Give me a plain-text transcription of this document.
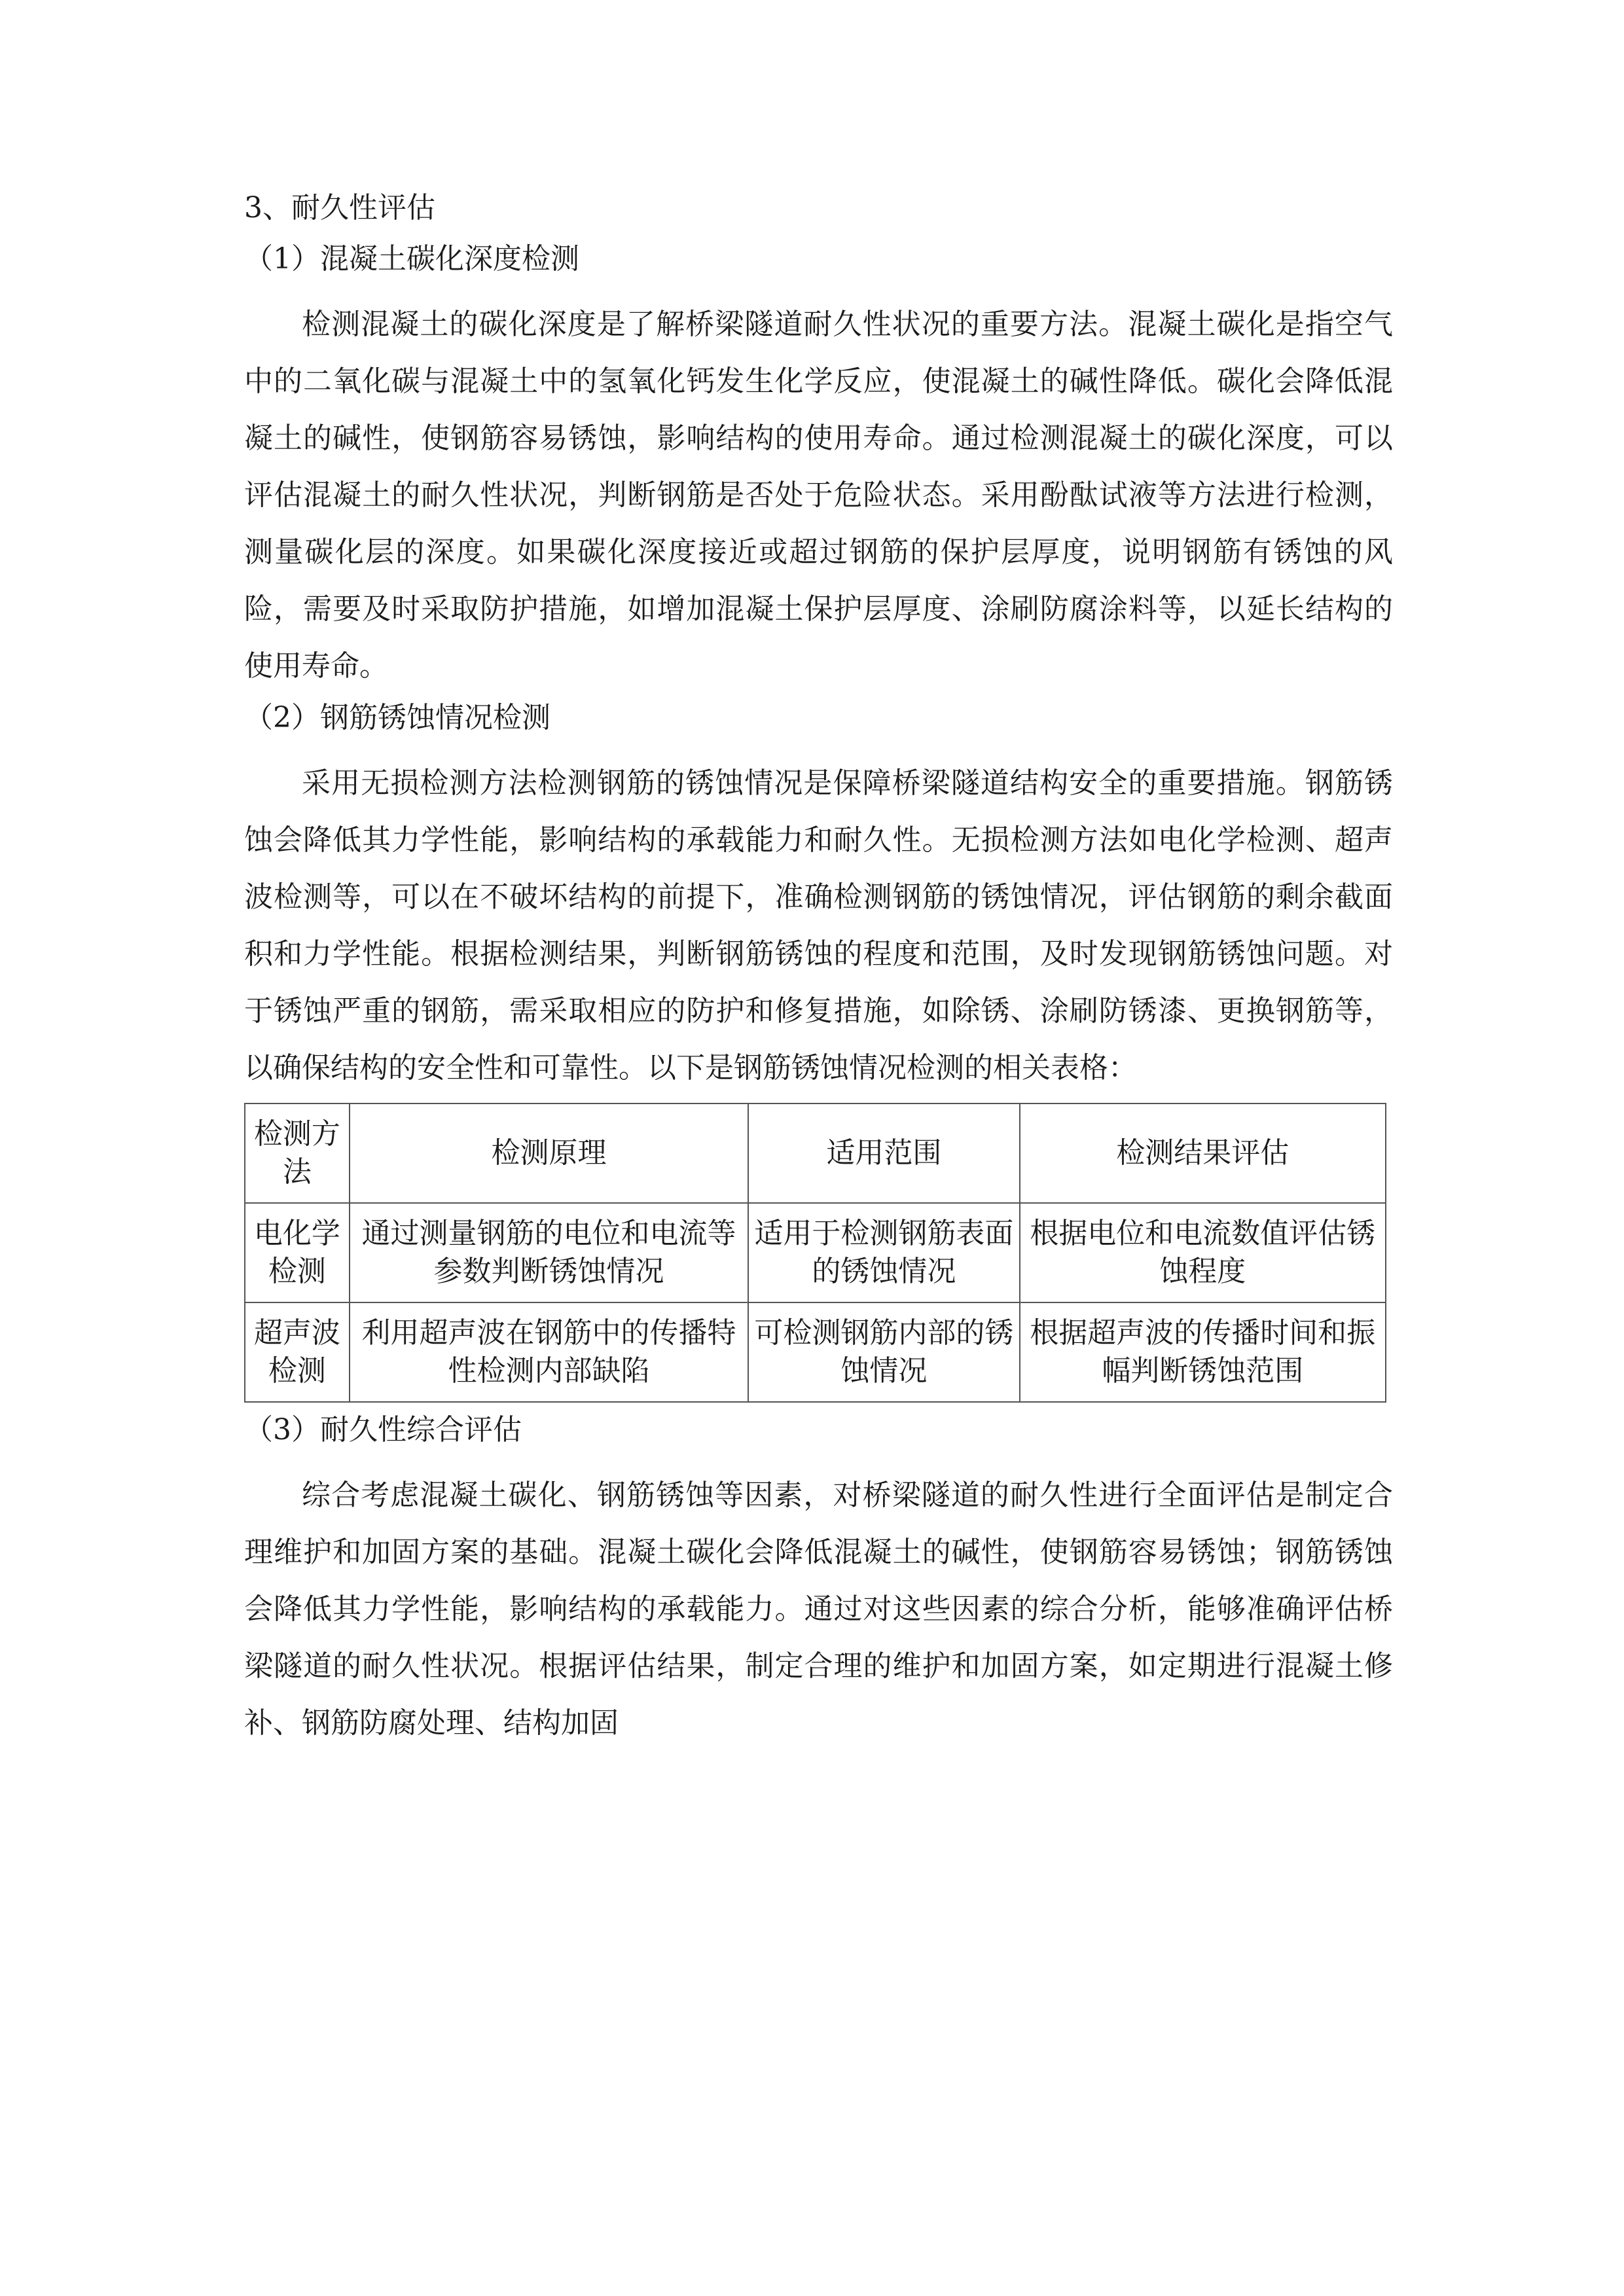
3、耐久性评估
（1）混凝土碳化深度检测

检测混凝土的碳化深度是了解桥梁隧道耐久性状况的重要方法。混凝土碳化是指空气中的二氧化碳与混凝土中的氢氧化钙发生化学反应，使混凝土的碱性降低。碳化会降低混凝土的碱性，使钢筋容易锈蚀，影响结构的使用寿命。通过检测混凝土的碳化深度，可以评估混凝土的耐久性状况，判断钢筋是否处于危险状态。采用酚酞试液等方法进行检测，测量碳化层的深度。如果碳化深度接近或超过钢筋的保护层厚度，说明钢筋有锈蚀的风险，需要及时采取防护措施，如增加混凝土保护层厚度、涂刷防腐涂料等，以延长结构的使用寿命。

（2）钢筋锈蚀情况检测

采用无损检测方法检测钢筋的锈蚀情况是保障桥梁隧道结构安全的重要措施。钢筋锈蚀会降低其力学性能，影响结构的承载能力和耐久性。无损检测方法如电化学检测、超声波检测等，可以在不破坏结构的前提下，准确检测钢筋的锈蚀情况，评估钢筋的剩余截面积和力学性能。根据检测结果，判断钢筋锈蚀的程度和范围，及时发现钢筋锈蚀问题。对于锈蚀严重的钢筋，需采取相应的防护和修复措施，如除锈、涂刷防锈漆、更换钢筋等，以确保结构的安全性和可靠性。以下是钢筋锈蚀情况检测的相关表格：

检测方法	检测原理	适用范围	检测结果评估
电化学检测	通过测量钢筋的电位和电流等参数判断锈蚀情况	适用于检测钢筋表面的锈蚀情况	根据电位和电流数值评估锈蚀程度
超声波检测	利用超声波在钢筋中的传播特性检测内部缺陷	可检测钢筋内部的锈蚀情况	根据超声波的传播时间和振幅判断锈蚀范围
（3）耐久性综合评估

综合考虑混凝土碳化、钢筋锈蚀等因素，对桥梁隧道的耐久性进行全面评估是制定合理维护和加固方案的基础。混凝土碳化会降低混凝土的碱性，使钢筋容易锈蚀；钢筋锈蚀会降低其力学性能，影响结构的承载能力。通过对这些因素的综合分析，能够准确评估桥梁隧道的耐久性状况。根据评估结果，制定合理的维护和加固方案，如定期进行混凝土修补、钢筋防腐处理、结构加固
